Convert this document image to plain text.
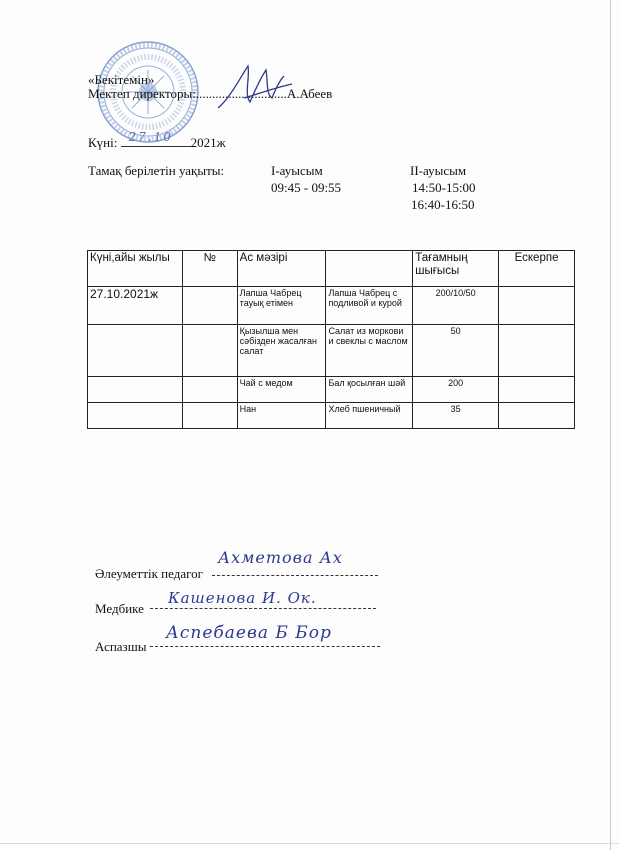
«Бекітемін»
Мектеп директоры:............................А.Абеев
Күні: 27.10 2021ж
Тамақ берілетін уақыты:	І-ауысым
09:45 - 09:55
ІІ-ауысым
14:50-15:00
16:40-16:50
Күні,айы жылы	№	Ас мәзірі		Тағамның шығысы	Ескерпе
27.10.2021ж		Лапша Чабрец тауық етімен	Лапша Чабрец с подливой и курой	200/10/50	
		Қызылша мен сәбізден жасалған салат	Салат из моркови и свеклы с маслом	50	
		Чай с медом	Бал қосылған шәй	200	
		Нан	Хлеб пшеничный	35	
Әлеуметтік педагог
Ахметова Ах
Медбике
Кашенова И. Ок.
Аспазшы
Аспебаева Б Бор
